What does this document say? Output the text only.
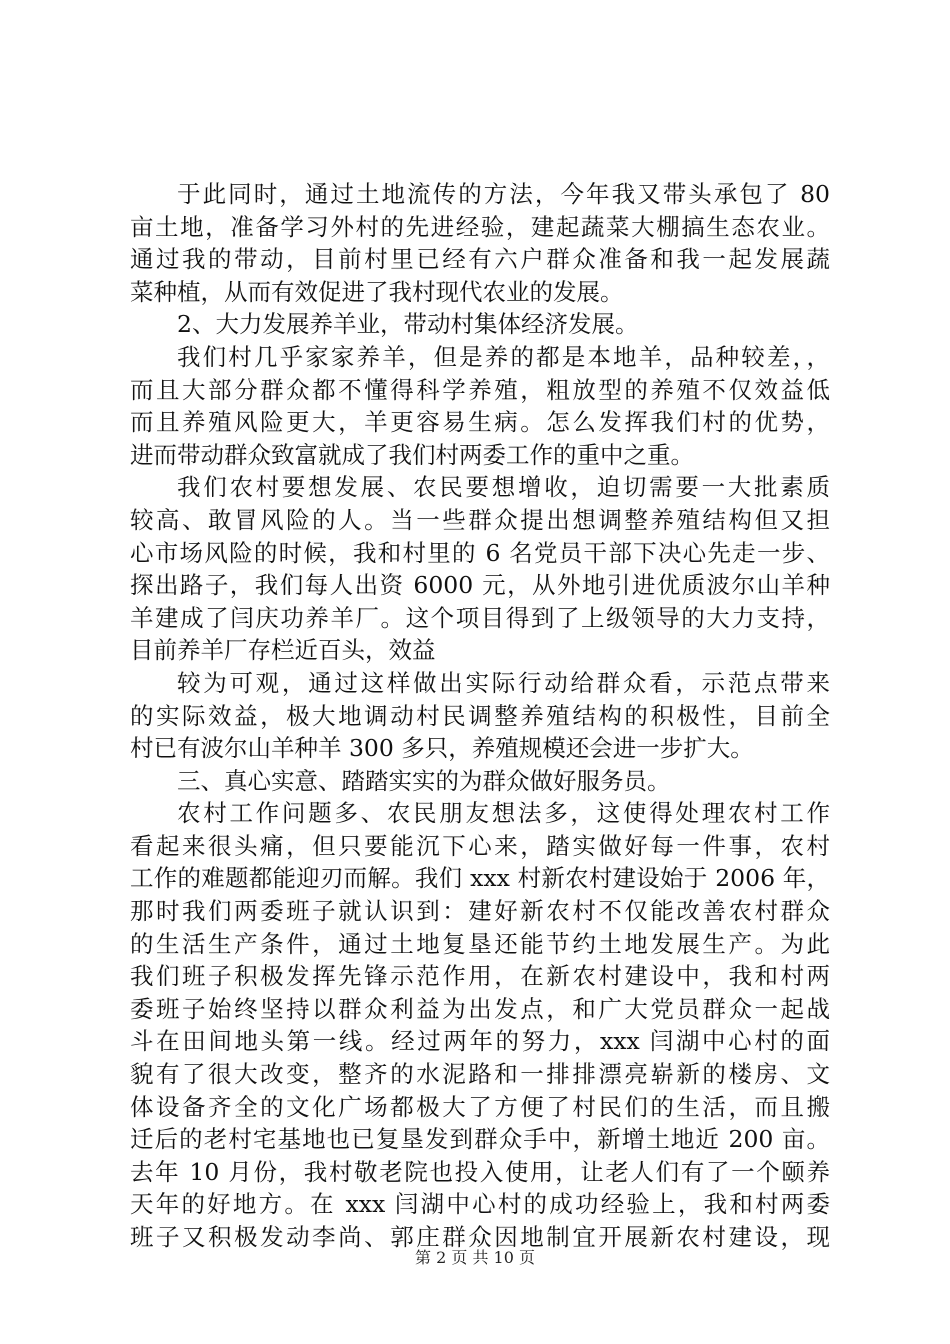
于此同时，通过土地流传的方法，今年我又带头承包了 80
亩土地，准备学习外村的先进经验，建起蔬菜大棚搞生态农业。
通过我的带动，目前村里已经有六户群众准备和我一起发展蔬
菜种植，从而有效促进了我村现代农业的发展。
2、大力发展养羊业，带动村集体经济发展。
我们村几乎家家养羊，但是养的都是本地羊，品种较差，，
而且大部分群众都不懂得科学养殖，粗放型的养殖不仅效益低
而且养殖风险更大，羊更容易生病。怎么发挥我们村的优势，
进而带动群众致富就成了我们村两委工作的重中之重。
我们农村要想发展、农民要想增收，迫切需要一大批素质
较高、敢冒风险的人。当一些群众提出想调整养殖结构但又担
心市场风险的时候，我和村里的 6 名党员干部下决心先走一步、
探出路子，我们每人出资 6000 元，从外地引进优质波尔山羊种
羊建成了闫庆功养羊厂。这个项目得到了上级领导的大力支持，
目前养羊厂存栏近百头，效益
较为可观，通过这样做出实际行动给群众看，示范点带来
的实际效益，极大地调动村民调整养殖结构的积极性，目前全
村已有波尔山羊种羊 300 多只，养殖规模还会进一步扩大。
三、真心实意、踏踏实实的为群众做好服务员。
农村工作问题多、农民朋友想法多，这使得处理农村工作
看起来很头痛，但只要能沉下心来，踏实做好每一件事，农村
工作的难题都能迎刃而解。我们 xxx 村新农村建设始于 2006 年，
那时我们两委班子就认识到：建好新农村不仅能改善农村群众
的生活生产条件，通过土地复垦还能节约土地发展生产。为此
我们班子积极发挥先锋示范作用，在新农村建设中，我和村两
委班子始终坚持以群众利益为出发点，和广大党员群众一起战
斗在田间地头第一线。经过两年的努力，xxx 闫湖中心村的面
貌有了很大改变，整齐的水泥路和一排排漂亮崭新的楼房、文
体设备齐全的文化广场都极大了方便了村民们的生活，而且搬
迁后的老村宅基地也已复垦发到群众手中，新增土地近 200 亩。
去年 10 月份，我村敬老院也投入使用，让老人们有了一个颐养
天年的好地方。在 xxx 闫湖中心村的成功经验上，我和村两委
班子又积极发动李尚、郭庄群众因地制宜开展新农村建设，现
第 2 页 共 10 页
